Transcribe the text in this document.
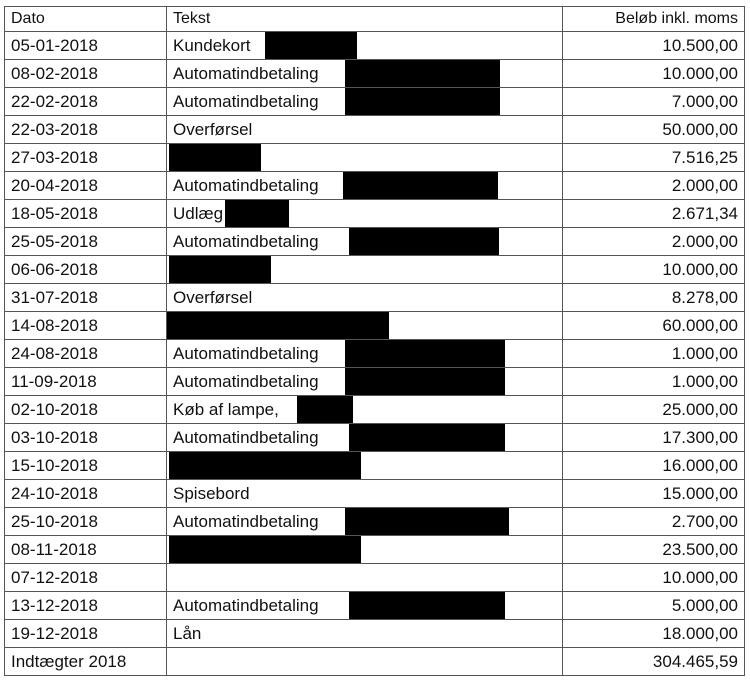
Dato	Tekst	Beløb inkl. moms
05-01-2018	Kundekort	10.500,00
08-02-2018	Automatindbetaling	10.000,00
22-02-2018	Automatindbetaling	7.000,00
22-03-2018	Overførsel	50.000,00
27-03-2018		7.516,25
20-04-2018	Automatindbetaling	2.000,00
18-05-2018	Udlæg	2.671,34
25-05-2018	Automatindbetaling	2.000,00
06-06-2018		10.000,00
31-07-2018	Overførsel	8.278,00
14-08-2018		60.000,00
24-08-2018	Automatindbetaling	1.000,00
11-09-2018	Automatindbetaling	1.000,00
02-10-2018	Køb af lampe,	25.000,00
03-10-2018	Automatindbetaling	17.300,00
15-10-2018		16.000,00
24-10-2018	Spisebord	15.000,00
25-10-2018	Automatindbetaling	2.700,00
08-11-2018		23.500,00
07-12-2018		10.000,00
13-12-2018	Automatindbetaling	5.000,00
19-12-2018	Lån	18.000,00
Indtægter 2018		304.465,59
